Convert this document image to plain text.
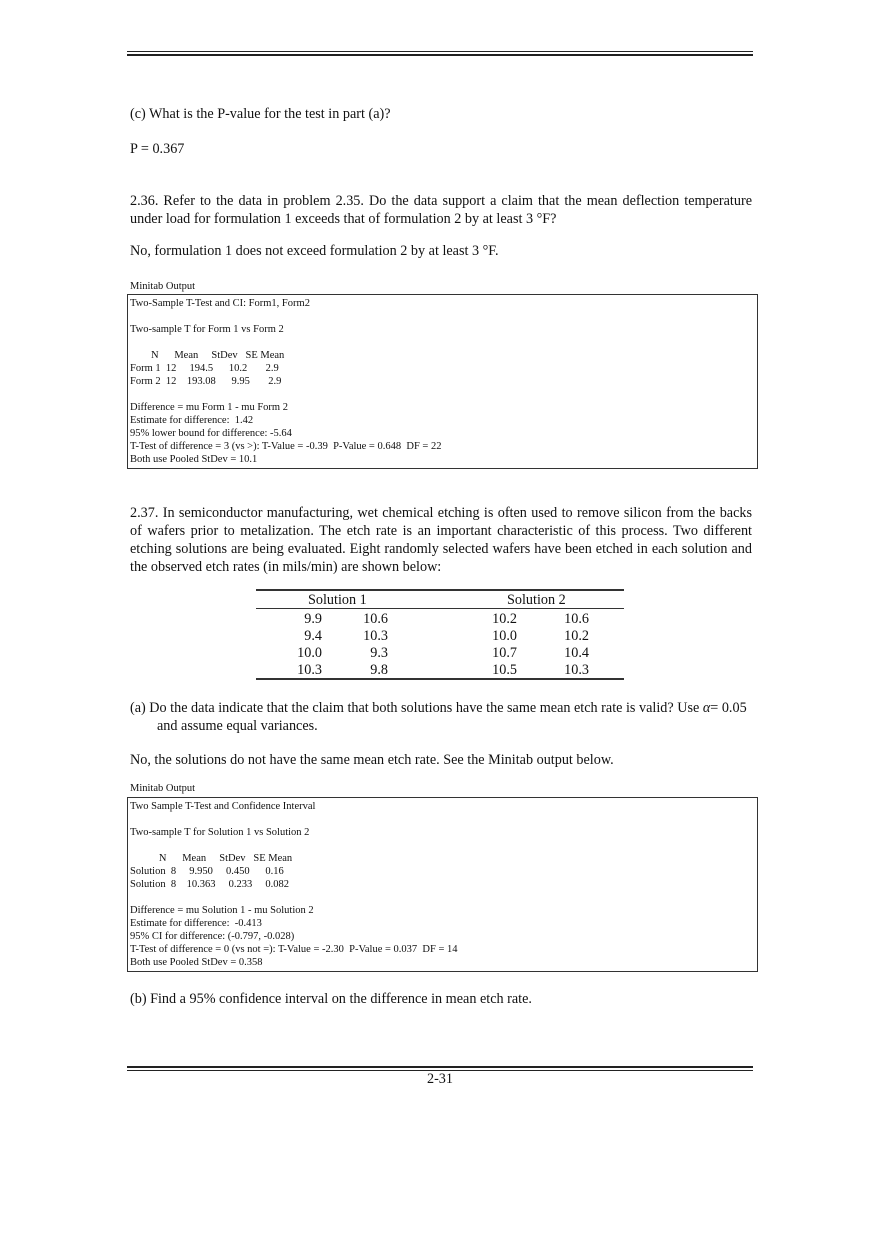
(c) What is the P-value for the test in part (a)?
P = 0.367
2.36. Refer to the data in problem 2.35. Do the data support a claim that the mean deflection temperature under load for formulation 1 exceeds that of formulation 2 by at least 3 °F?
No, formulation 1 does not exceed formulation 2 by at least 3 °F.
Minitab Output
Two-Sample T-Test and CI: Form1, Form2
Two-sample T for Form 1 vs Form 2
N      Mean     StDev   SE Mean
Form 1  12     194.5      10.2       2.9
Form 2  12    193.08      9.95       2.9
Difference = mu Form 1 - mu Form 2
Estimate for difference:  1.42
95% lower bound for difference: -5.64
T-Test of difference = 3 (vs >): T-Value = -0.39  P-Value = 0.648  DF = 22
Both use Pooled StDev = 10.1
2.37. In semiconductor manufacturing, wet chemical etching is often used to remove silicon from the backs of wafers prior to metalization. The etch rate is an important characteristic of this process. Two different etching solutions are being evaluated. Eight randomly selected wafers have been etched in each solution and the observed etch rates (in mils/min) are shown below:
Solution 1	Solution 2
9.9	10.6	10.2	10.6
9.4	10.3	10.0	10.2
10.0	9.3	10.7	10.4
10.3	9.8	10.5	10.3
(a) Do the data indicate that the claim that both solutions have the same mean etch rate is valid? Use α= 0.05 and assume equal variances.
No, the solutions do not have the same mean etch rate. See the Minitab output below.
Minitab Output
Two Sample T-Test and Confidence Interval
Two-sample T for Solution 1 vs Solution 2
N      Mean     StDev   SE Mean
Solution  8     9.950     0.450      0.16
Solution  8    10.363     0.233     0.082
Difference = mu Solution 1 - mu Solution 2
Estimate for difference:  -0.413
95% CI for difference: (-0.797, -0.028)
T-Test of difference = 0 (vs not =): T-Value = -2.30  P-Value = 0.037  DF = 14
Both use Pooled StDev = 0.358
(b) Find a 95% confidence interval on the difference in mean etch rate.
2-31
